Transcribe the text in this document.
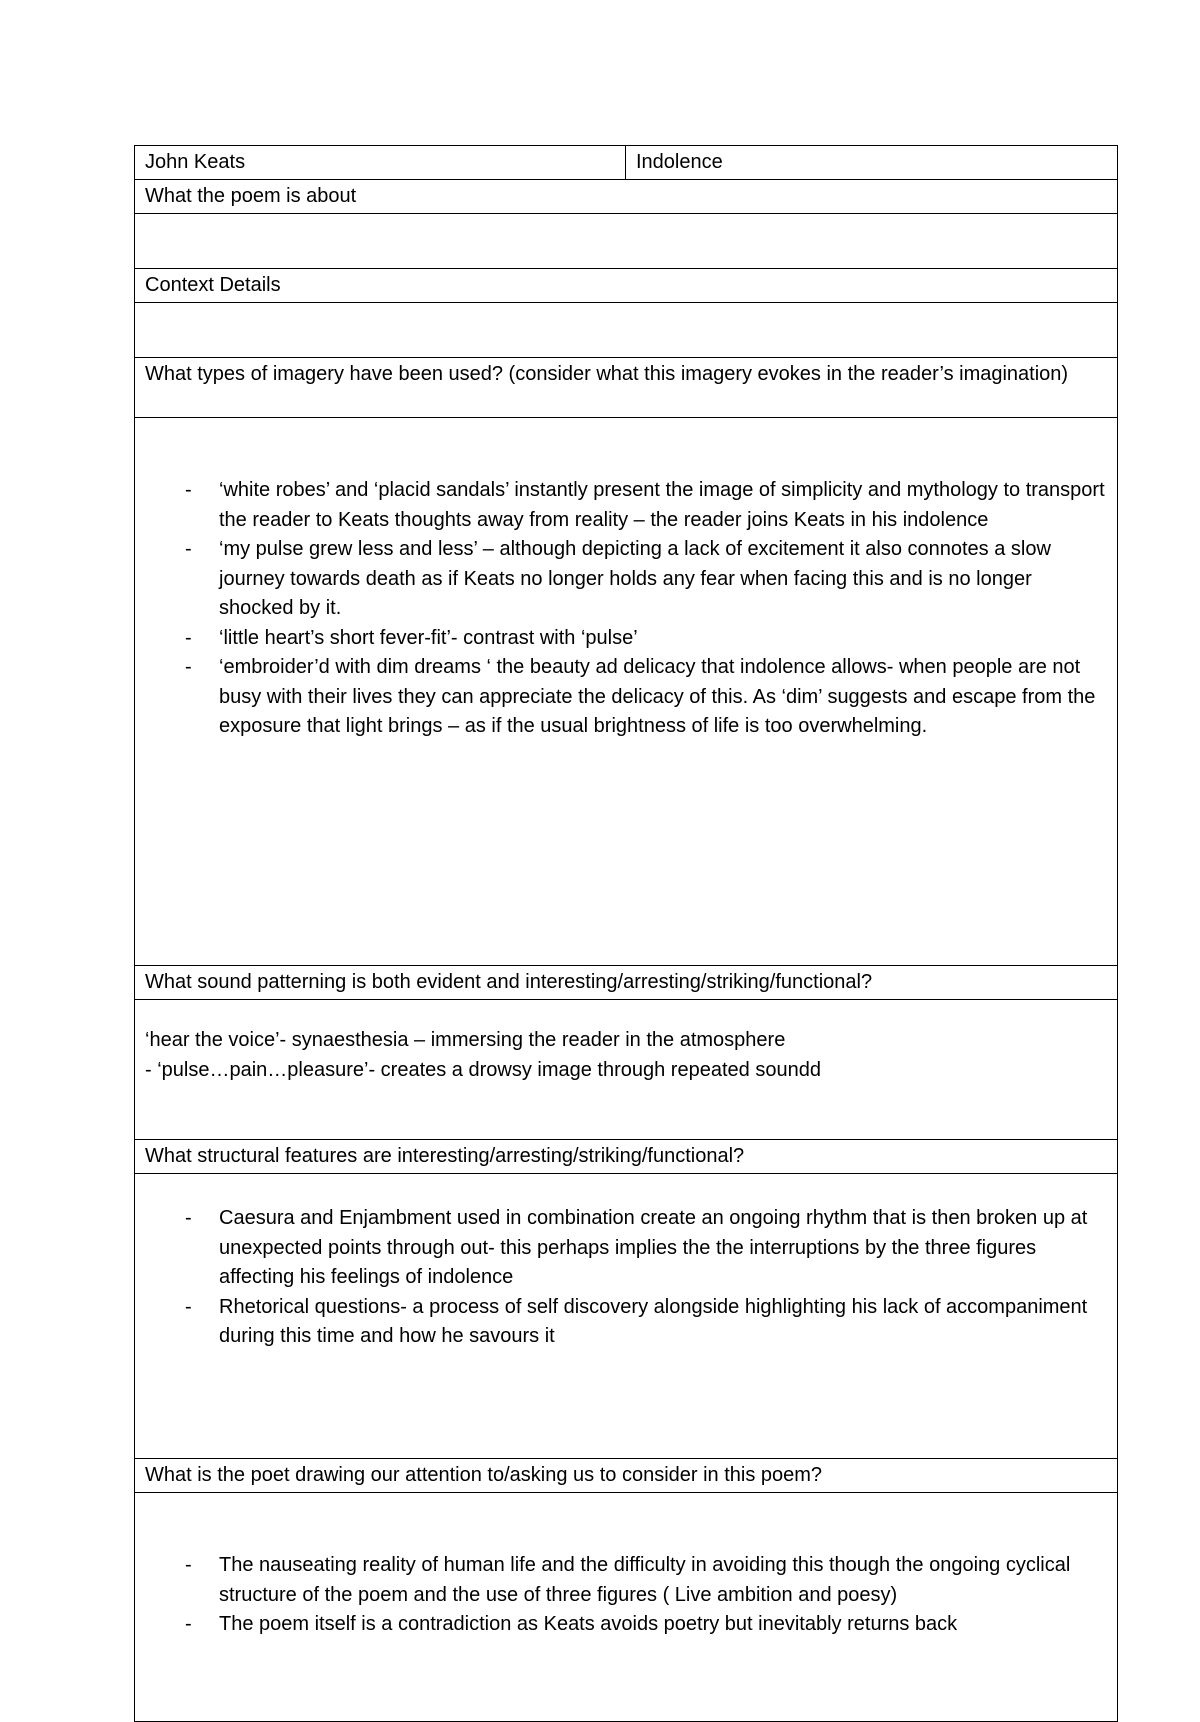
John Keats	Indolence
What the poem is about

Context Details

What types of imagery have been used? (consider what this imagery evokes in the reader’s imagination)

- ‘white robes’ and ‘placid sandals’ instantly present the image of simplicity and mythology to transport the reader to Keats thoughts away from reality – the reader joins Keats in his indolence
- ‘my pulse grew less and less’ – although depicting a lack of excitement it also connotes a slow journey towards death as if Keats no longer holds any fear when facing this and is no longer shocked by it.
- ‘little heart’s short fever-fit’- contrast with ‘pulse’
- ‘embroider’d with dim dreams ‘ the beauty ad delicacy that indolence allows- when people are not busy with their lives they can appreciate the delicacy of this. As ‘dim’ suggests and escape from the exposure that light brings – as if the usual brightness of life is too overwhelming.

What sound patterning is both evident and interesting/arresting/striking/functional?

‘hear the voice’- synaesthesia – immersing the reader in the atmosphere
- ‘pulse…pain…pleasure’- creates a drowsy image through repeated soundd

What structural features are interesting/arresting/striking/functional?

- Caesura and Enjambment used in combination create an ongoing rhythm that is then broken up at unexpected points through out- this perhaps implies the the interruptions by the three figures affecting his feelings of indolence
- Rhetorical questions- a process of self discovery alongside highlighting his lack of accompaniment during this time and how he savours it

What is the poet drawing our attention to/asking us to consider in this poem?

- The nauseating reality of human life and the difficulty in avoiding this though the ongoing cyclical structure of the poem and the use of three figures ( Live ambition and poesy)
- The poem itself is a contradiction as Keats avoids poetry but inevitably returns back
